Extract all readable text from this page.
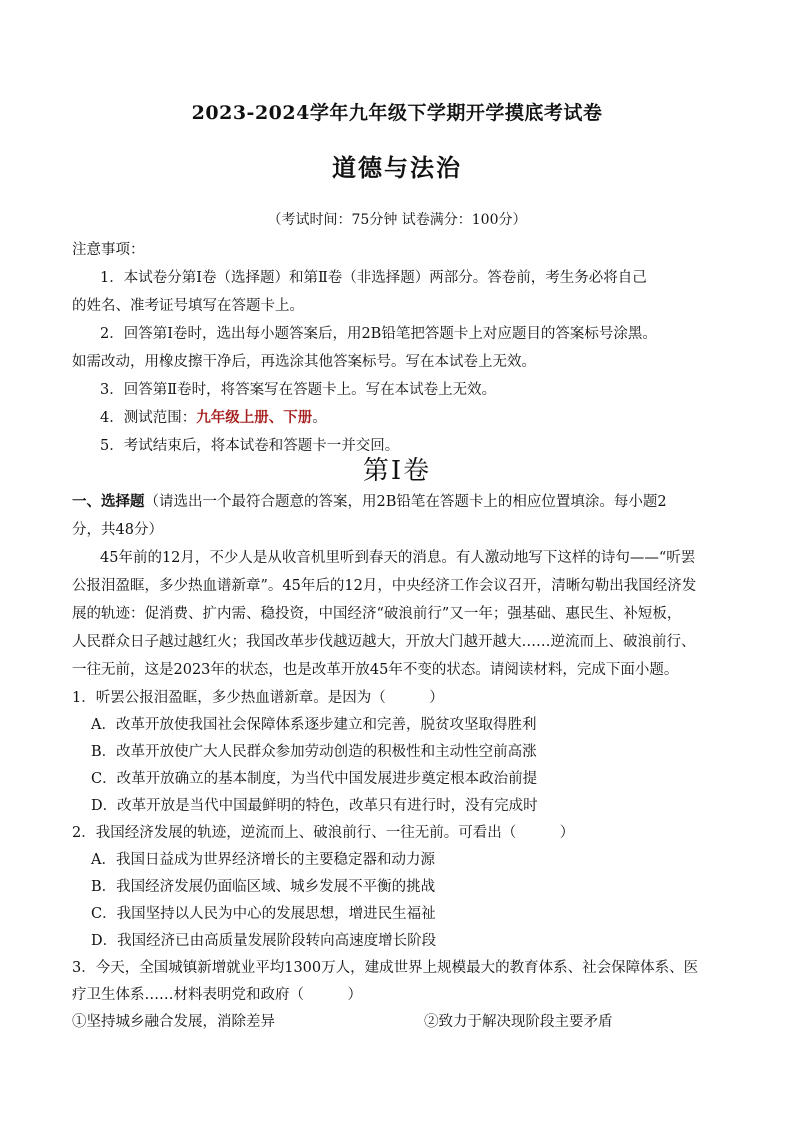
2023-2024学年九年级下学期开学摸底考试卷
道德与法治
（考试时间：75分钟 试卷满分：100分）
注意事项：
1．本试卷分第Ⅰ卷（选择题）和第Ⅱ卷（非选择题）两部分。答卷前，考生务必将自己
的姓名、准考证号填写在答题卡上。
2．回答第Ⅰ卷时，选出每小题答案后，用2B铅笔把答题卡上对应题目的答案标号涂黑。
如需改动，用橡皮擦干净后，再选涂其他答案标号。写在本试卷上无效。
3．回答第Ⅱ卷时，将答案写在答题卡上。写在本试卷上无效。
4．测试范围：九年级上册、下册。
5．考试结束后，将本试卷和答题卡一并交回。
第Ⅰ卷
一、选择题（请选出一个最符合题意的答案，用2B铅笔在答题卡上的相应位置填涂。每小题2
分，共48分）
45年前的12月，不少人是从收音机里听到春天的消息。有人激动地写下这样的诗句——“听罢
公报泪盈眶，多少热血谱新章”。45年后的12月，中央经济工作会议召开，清晰勾勒出我国经济发
展的轨迹：促消费、扩内需、稳投资，中国经济“破浪前行”又一年；强基础、惠民生、补短板，
人民群众日子越过越红火；我国改革步伐越迈越大，开放大门越开越大……逆流而上、破浪前行、
一往无前，这是2023年的状态，也是改革开放45年不变的状态。请阅读材料，完成下面小题。
1．听罢公报泪盈眶，多少热血谱新章。是因为（　　　）
A．改革开放使我国社会保障体系逐步建立和完善，脱贫攻坚取得胜利
B．改革开放使广大人民群众参加劳动创造的积极性和主动性空前高涨
C．改革开放确立的基本制度，为当代中国发展进步奠定根本政治前提
D．改革开放是当代中国最鲜明的特色，改革只有进行时，没有完成时
2．我国经济发展的轨迹，逆流而上、破浪前行、一往无前。可看出（　　　）
A．我国日益成为世界经济增长的主要稳定器和动力源
B．我国经济发展仍面临区域、城乡发展不平衡的挑战
C．我国坚持以人民为中心的发展思想，增进民生福祉
D．我国经济已由高质量发展阶段转向高速度增长阶段
3．今天，全国城镇新增就业平均1300万人，建成世界上规模最大的教育体系、社会保障体系、医
疗卫生体系……材料表明党和政府（　　　）
①坚持城乡融合发展，消除差异	②致力于解决现阶段主要矛盾
